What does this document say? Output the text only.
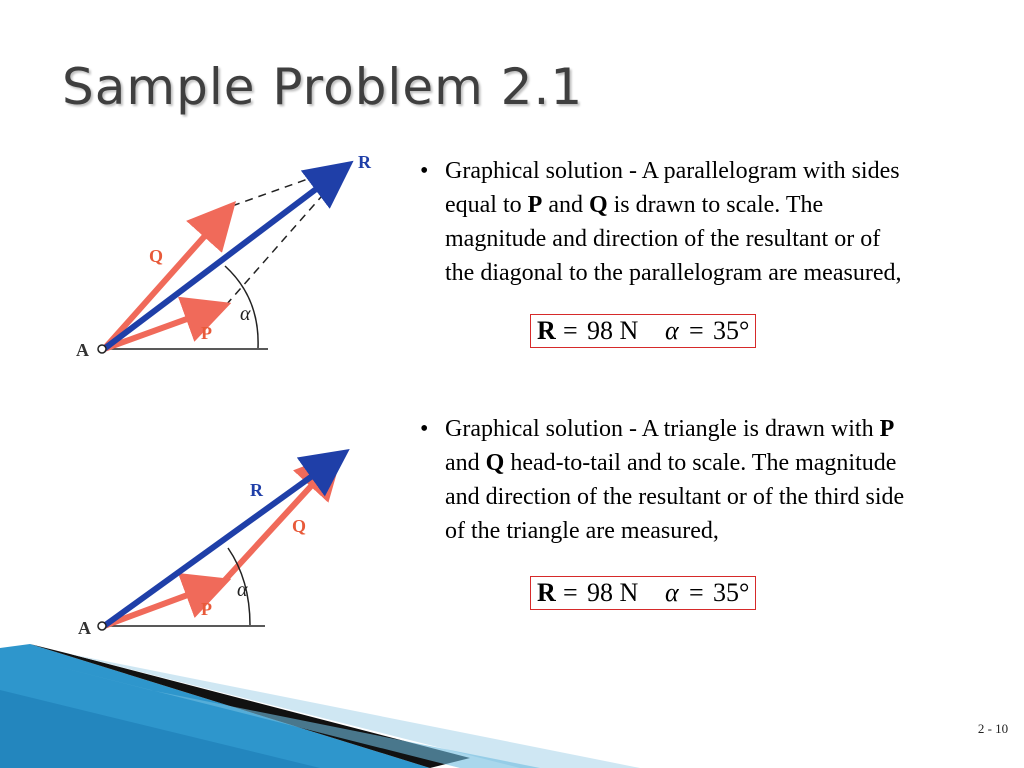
Sample Problem 2.1
R
Q
P
A
α
R
Q
P
A
α
• Graphical solution - A parallelogram with sides
equal to P and Q is drawn to scale. The
magnitude and direction of the resultant or of
the diagonal to the parallelogram are measured,
R = 98 N α = 35°
• Graphical solution - A triangle is drawn with P
and Q head-to-tail and to scale. The magnitude
and direction of the resultant or of the third side
of the triangle are measured,
R = 98 N α = 35°
2 - 10
